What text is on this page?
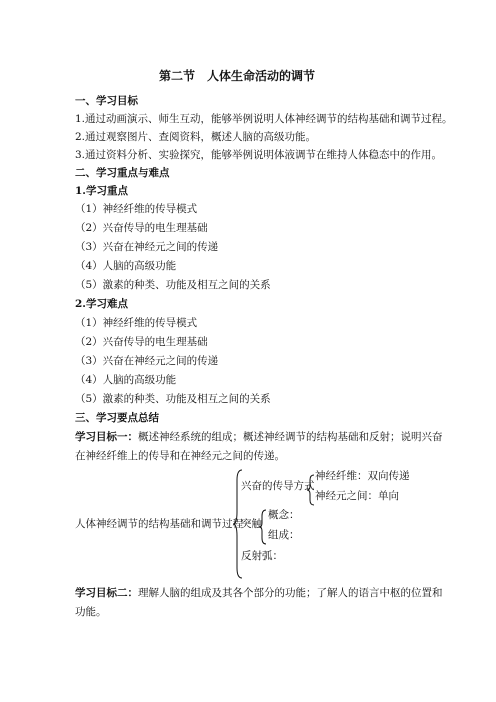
第二节　人体生命活动的调节
一、学习目标
1.通过动画演示、师生互动，能够举例说明人体神经调节的结构基础和调节过程。
2.通过观察图片、查阅资料，概述人脑的高级功能。
3.通过资料分析、实验探究，能够举例说明体液调节在维持人体稳态中的作用。
二、学习重点与难点
1.学习重点
（1）神经纤维的传导模式
（2）兴奋传导的电生理基础
（3）兴奋在神经元之间的传递
（4）人脑的高级功能
（5）激素的种类、功能及相互之间的关系
2.学习难点
（1）神经纤维的传导模式
（2）兴奋传导的电生理基础
（3）兴奋在神经元之间的传递
（4）人脑的高级功能
（5）激素的种类、功能及相互之间的关系
三、学习要点总结
学习目标一：概述神经系统的组成；概述神经调节的结构基础和反射；说明兴奋
在神经纤维上的传导和在神经元之间的传递。
人体神经调节的结构基础和调节过程
兴奋的传导方式
神经纤维：双向传递
神经元之间：单向
突触
概念：
组成：
反射弧：
学习目标二：理解人脑的组成及其各个部分的功能；了解人的语言中枢的位置和
功能。
